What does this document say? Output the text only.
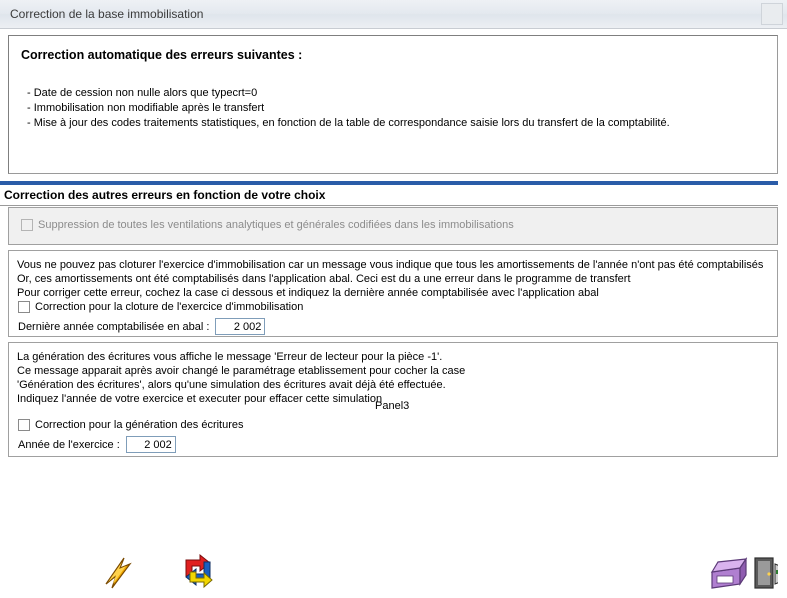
Correction de la base immobilisation
Correction automatique des erreurs suivantes :
- Date de cession non nulle alors que typecrt=0
- Immobilisation non modifiable après le transfert
- Mise à jour des codes traitements statistiques, en fonction de la table de correspondance saisie lors du transfert de la comptabilité.
Correction des autres erreurs en fonction de votre choix
Suppression de toutes les ventilations analytiques et générales codifiées dans les immobilisations
Vous ne pouvez pas cloturer l'exercice d'immobilisation car un message vous indique que tous les amortissements de l'année n'ont pas été comptabilisés
Or, ces amortissements ont été comptabilisés dans l'application abal. Ceci est du a une erreur dans le programme de transfert
Pour corriger cette erreur, cochez la case ci dessous et indiquez la dernière année comptabilisée avec l'application abal
Correction pour la cloture de l'exercice d'immobilisation
Dernière année comptabilisée en abal :
2 002
La génération des écritures vous affiche le message 'Erreur de lecteur pour la pièce -1'.
Ce message apparait après avoir changé le paramétrage etablissement pour cocher la case
'Génération des écritures', alors qu'une simulation des écritures avait déjà été effectuée.
Indiquez l'année de votre exercice et executer pour effacer cette simulation
Panel3
Correction pour la génération des écritures
Année de l'exercice :
2 002
